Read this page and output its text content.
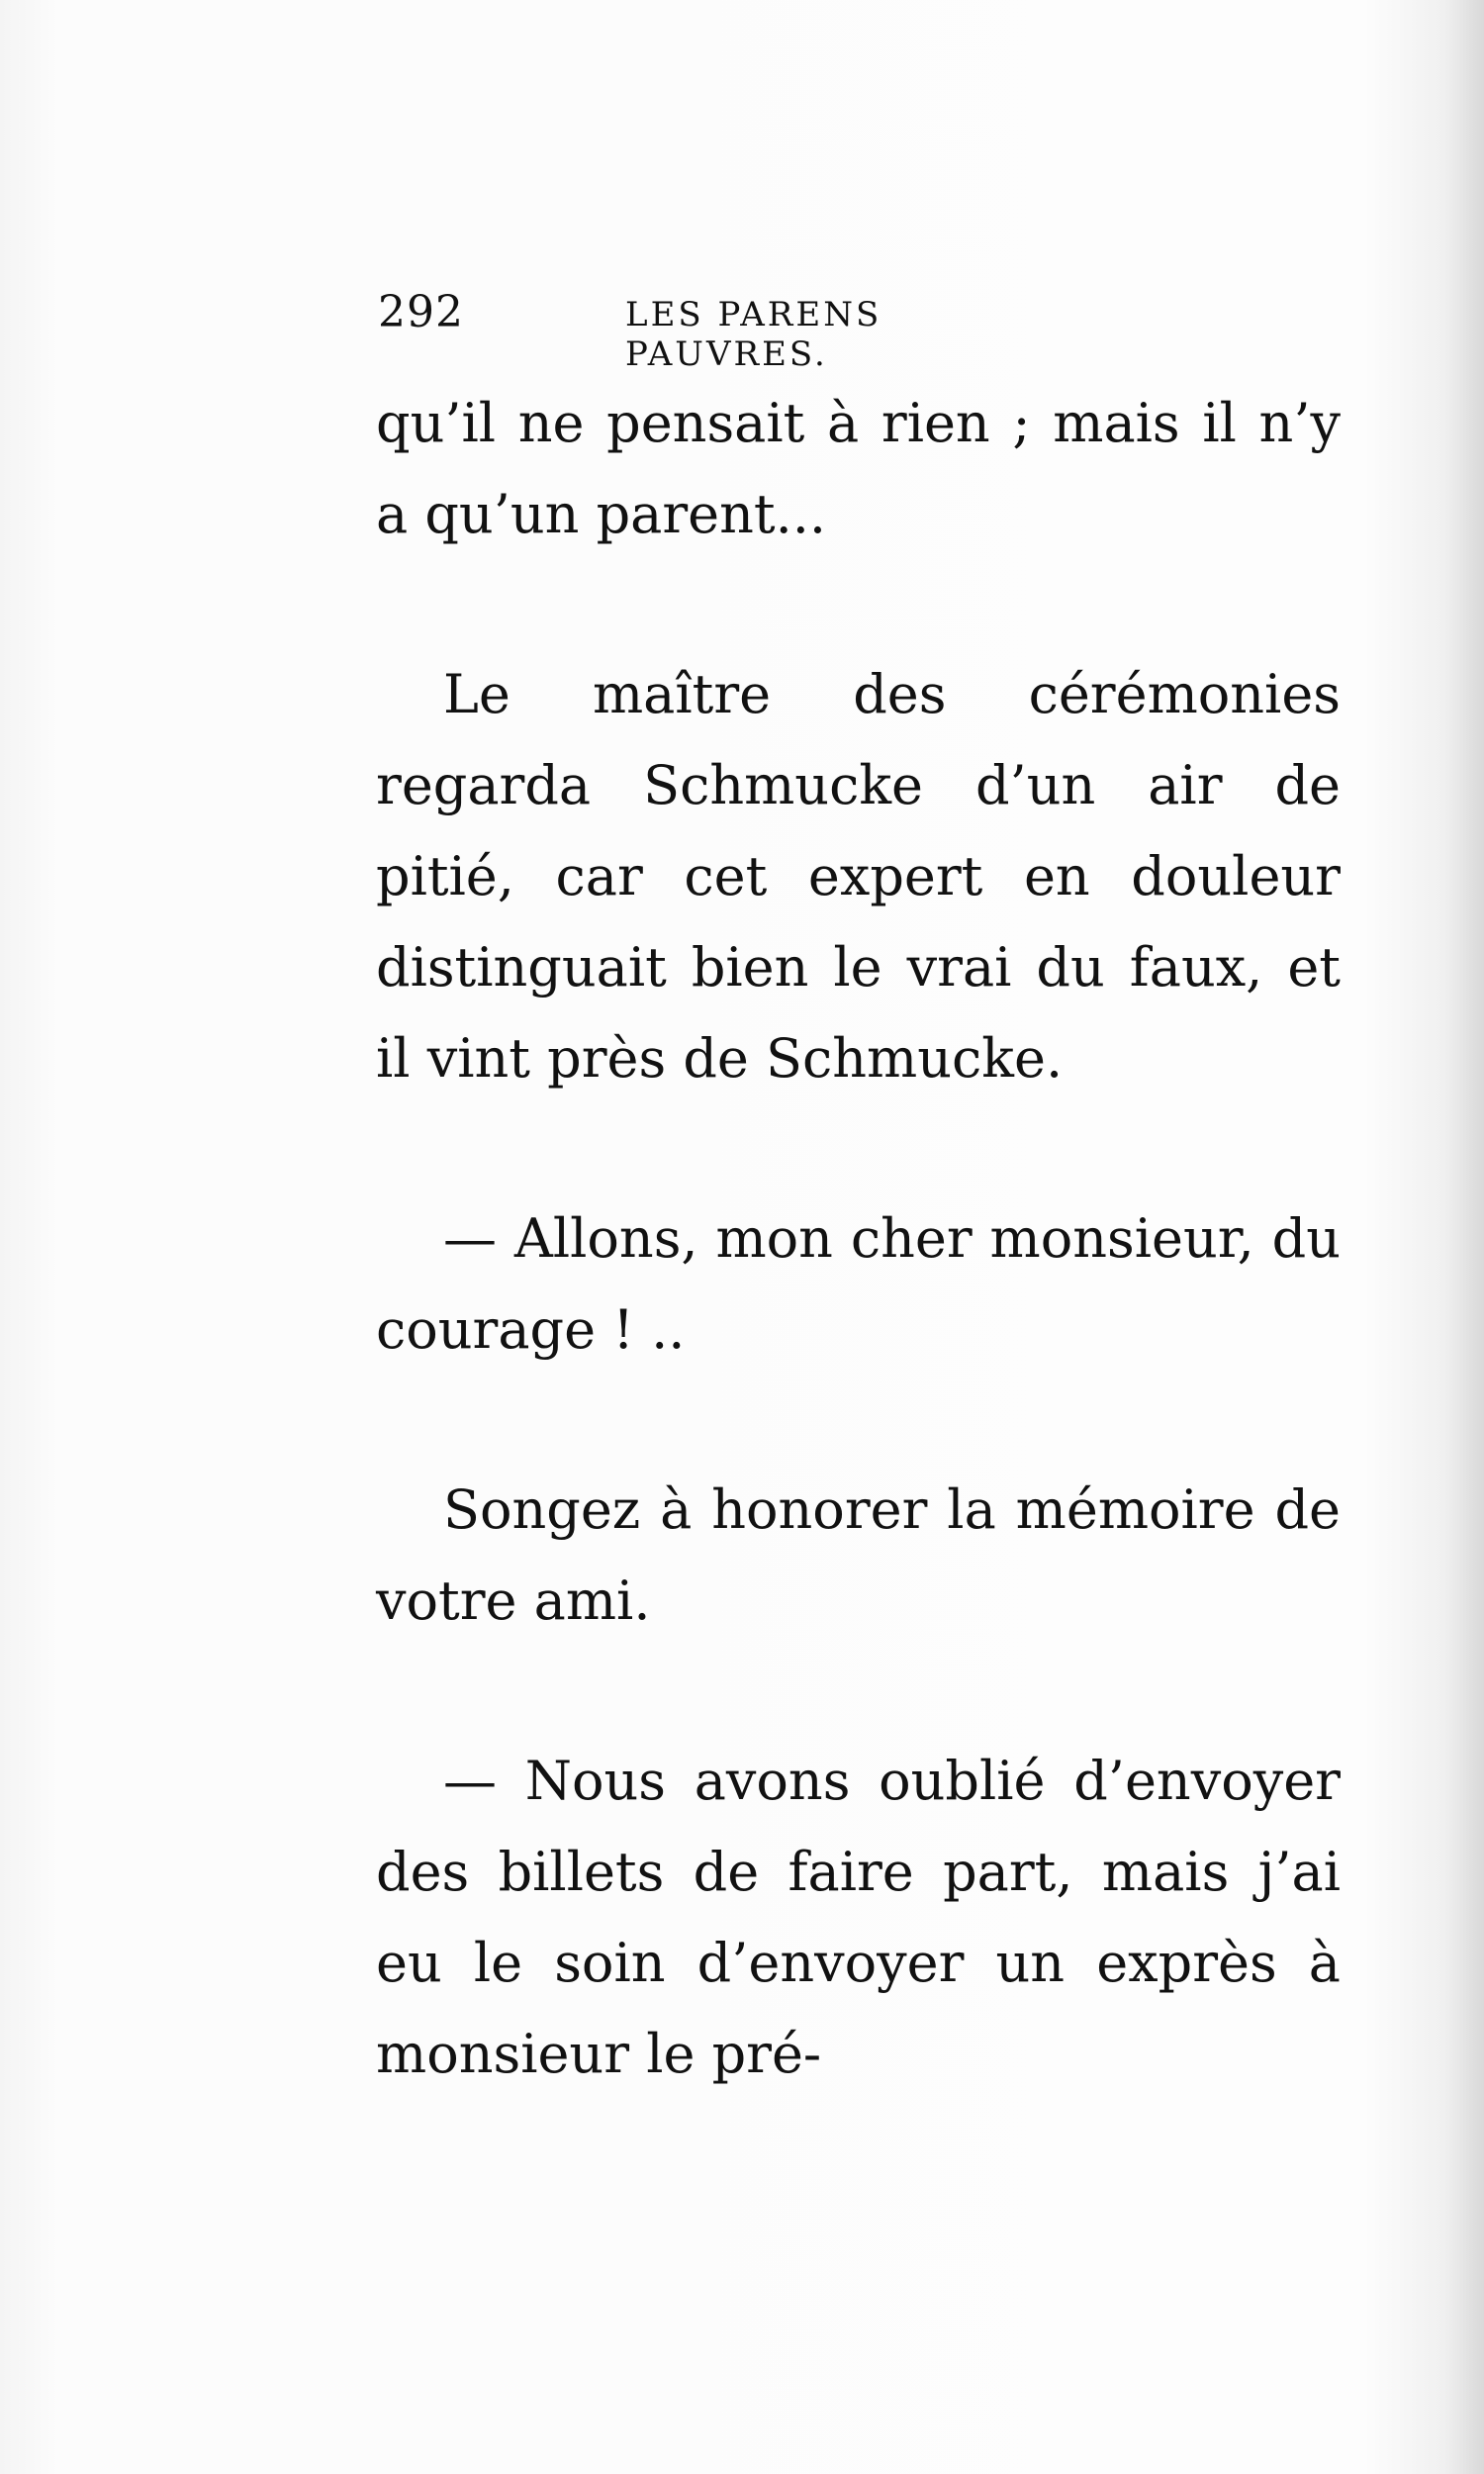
292	LES PARENS PAUVRES.

qu’il ne pensait à rien ; mais il n’y a qu’un parent...

Le maître des cérémonies regarda Schmucke d’un air de pitié, car cet expert en douleur distinguait bien le vrai du faux, et il vint près de Schmucke.

— Allons, mon cher monsieur, du courage ! ..

Songez à honorer la mémoire de votre ami.

— Nous avons oublié d’envoyer des billets de faire part, mais j’ai eu le soin d’envoyer un exprès à monsieur le pré-
